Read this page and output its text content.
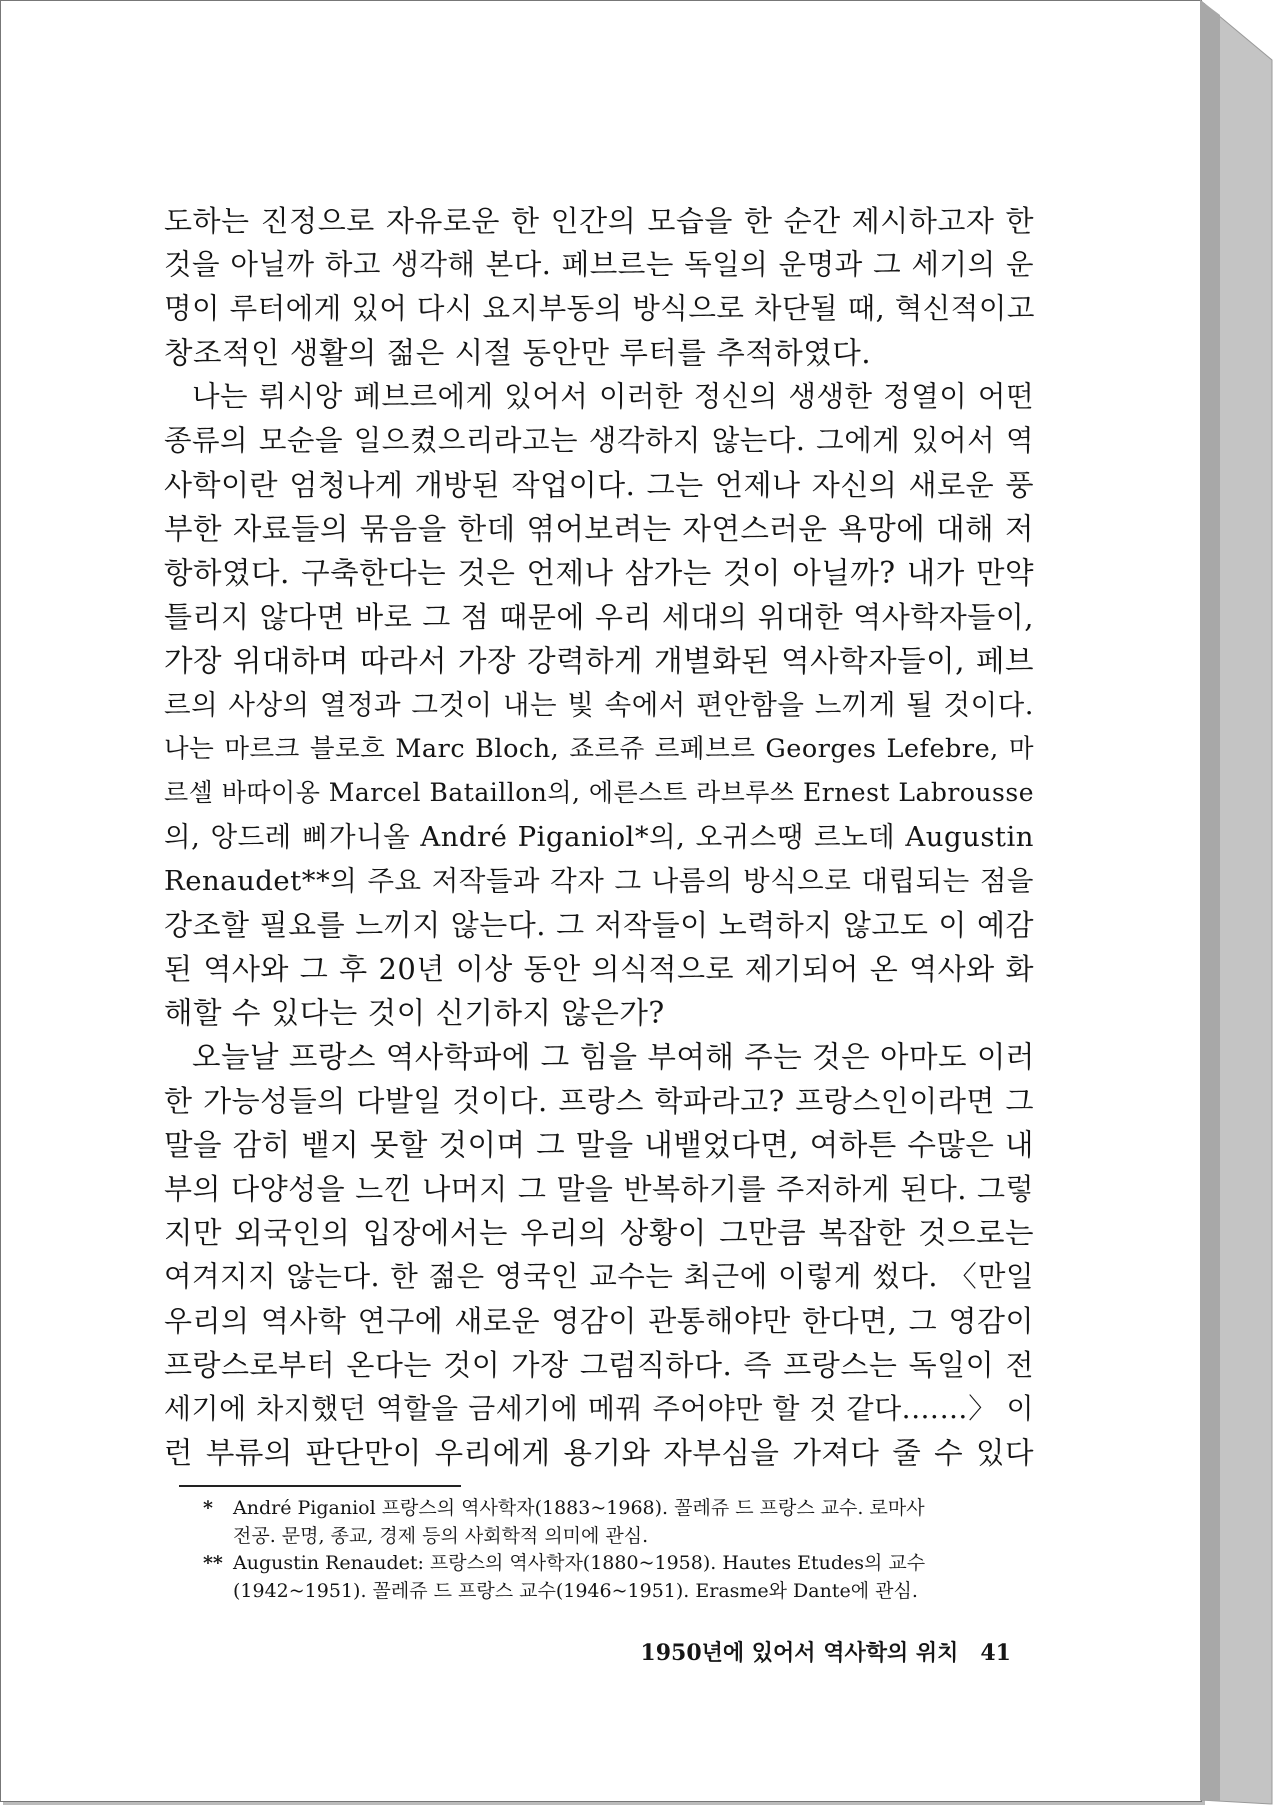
도하는 진정으로 자유로운 한 인간의 모습을 한 순간 제시하고자 한
것을 아닐까 하고 생각해 본다. 페브르는 독일의 운명과 그 세기의 운
명이 루터에게 있어 다시 요지부동의 방식으로 차단될 때, 혁신적이고
창조적인 생활의 젊은 시절 동안만 루터를 추적하였다.
나는 뤼시앙 페브르에게 있어서 이러한 정신의 생생한 정열이 어떤
종류의 모순을 일으켰으리라고는 생각하지 않는다. 그에게 있어서 역
사학이란 엄청나게 개방된 작업이다. 그는 언제나 자신의 새로운 풍
부한 자료들의 묶음을 한데 엮어보려는 자연스러운 욕망에 대해 저
항하였다. 구축한다는 것은 언제나 삼가는 것이 아닐까? 내가 만약
틀리지 않다면 바로 그 점 때문에 우리 세대의 위대한 역사학자들이,
가장 위대하며 따라서 가장 강력하게 개별화된 역사학자들이, 페브
르의 사상의 열정과 그것이 내는 빛 속에서 편안함을 느끼게 될 것이다.
나는 마르크 블로흐 Marc Bloch, 죠르쥬 르페브르 Georges Lefebre, 마
르셀 바따이옹 Marcel Bataillon의, 에른스트 라브루쓰 Ernest Labrousse
의, 앙드레 삐가니올 André Piganiol*의, 오귀스땡 르노데 Augustin
Renaudet**의 주요 저작들과 각자 그 나름의 방식으로 대립되는 점을
강조할 필요를 느끼지 않는다. 그 저작들이 노력하지 않고도 이 예감
된 역사와 그 후 20년 이상 동안 의식적으로 제기되어 온 역사와 화
해할 수 있다는 것이 신기하지 않은가?
오늘날 프랑스 역사학파에 그 힘을 부여해 주는 것은 아마도 이러
한 가능성들의 다발일 것이다. 프랑스 학파라고? 프랑스인이라면 그
말을 감히 뱉지 못할 것이며 그 말을 내뱉었다면, 여하튼 수많은 내
부의 다양성을 느낀 나머지 그 말을 반복하기를 주저하게 된다. 그렇
지만 외국인의 입장에서는 우리의 상황이 그만큼 복잡한 것으로는
여겨지지 않는다. 한 젊은 영국인 교수는 최근에 이렇게 썼다. 〈만일
우리의 역사학 연구에 새로운 영감이 관통해야만 한다면, 그 영감이
프랑스로부터 온다는 것이 가장 그럼직하다. 즉 프랑스는 독일이 전
세기에 차지했던 역할을 금세기에 메꿔 주어야만 할 것 같다.……〉 이
런 부류의 판단만이 우리에게 용기와 자부심을 가져다 줄 수 있다
* André Piganiol 프랑스의 역사학자(1883~1968). 꼴레쥬 드 프랑스 교수. 로마사
전공. 문명, 종교, 경제 등의 사회학적 의미에 관심.
** Augustin Renaudet: 프랑스의 역사학자(1880~1958). Hautes Etudes의 교수
(1942~1951). 꼴레쥬 드 프랑스 교수(1946~1951). Erasme와 Dante에 관심.
1950년에 있어서 역사학의 위치 41
